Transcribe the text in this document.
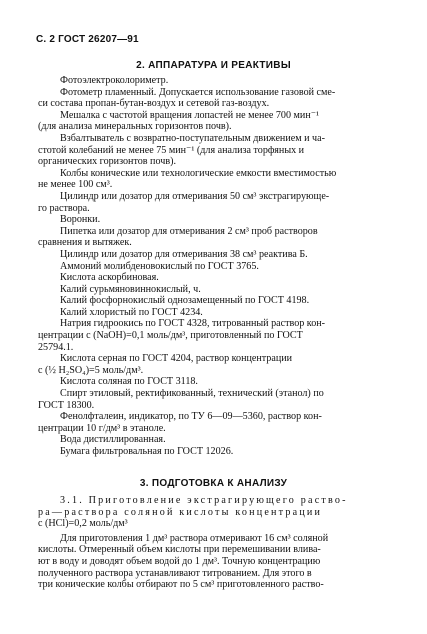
С. 2 ГОСТ 26207—91
2. АППАРАТУРА И РЕАКТИВЫ
Фотоэлектроколориметр.
Фотометр пламенный. Допускается использование газовой сме-
си состава пропан-бутан-воздух и сетевой газ-воздух.
Мешалка с частотой вращения лопастей не менее 700 мин⁻¹
(для анализа минеральных горизонтов почв).
Взбалтыватель с возвратно-поступательным движением и ча-
стотой колебаний не менее 75 мин⁻¹ (для анализа торфяных и
органических горизонтов почв).
Колбы конические или технологические емкости вместимостью
не менее 100 см³.
Цилиндр или дозатор для отмеривания 50 см³ экстрагирующе-
го раствора.
Воронки.
Пипетка или дозатор для отмеривания 2 см³ проб растворов
сравнения и вытяжек.
Цилиндр или дозатор для отмеривания 38 см³ реактива Б.
Аммоний молибденовокислый по ГОСТ 3765.
Кислота аскорбиновая.
Калий сурьмяновиннокислый, ч.
Калий фосфорнокислый однозамещенный по ГОСТ 4198.
Калий хлористый по ГОСТ 4234.
Натрия гидроокись по ГОСТ 4328, титрованный раствор кон-
центрации с (NaOH)=0,1 моль/дм³, приготовленный по ГОСТ
25794.1.
Кислота серная по ГОСТ 4204, раствор концентрации
с (½ H₂SO₄)=5 моль/дм³.
Кислота соляная по ГОСТ 3118.
Спирт этиловый, ректификованный, технический (этанол) по
ГОСТ 18300.
Фенолфталеин, индикатор, по ТУ 6—09—5360, раствор кон-
центрации 10 г/дм³ в этаноле.
Вода дистиллированная.
Бумага фильтровальная по ГОСТ 12026.
3. ПОДГОТОВКА К АНАЛИЗУ
3.1. Приготовление экстрагирующего раство-
ра—раствора соляной кислоты концентрации
с (HCl)=0,2 моль/дм³
Для приготовления 1 дм³ раствора отмеривают 16 см³ соляной
кислоты. Отмеренный объем кислоты при перемешивании влива-
ют в воду и доводят объем водой до 1 дм³. Точную концентрацию
полученного раствора устанавливают титрованием. Для этого в
три конические колбы отбирают по 5 см³ приготовленного раство-
